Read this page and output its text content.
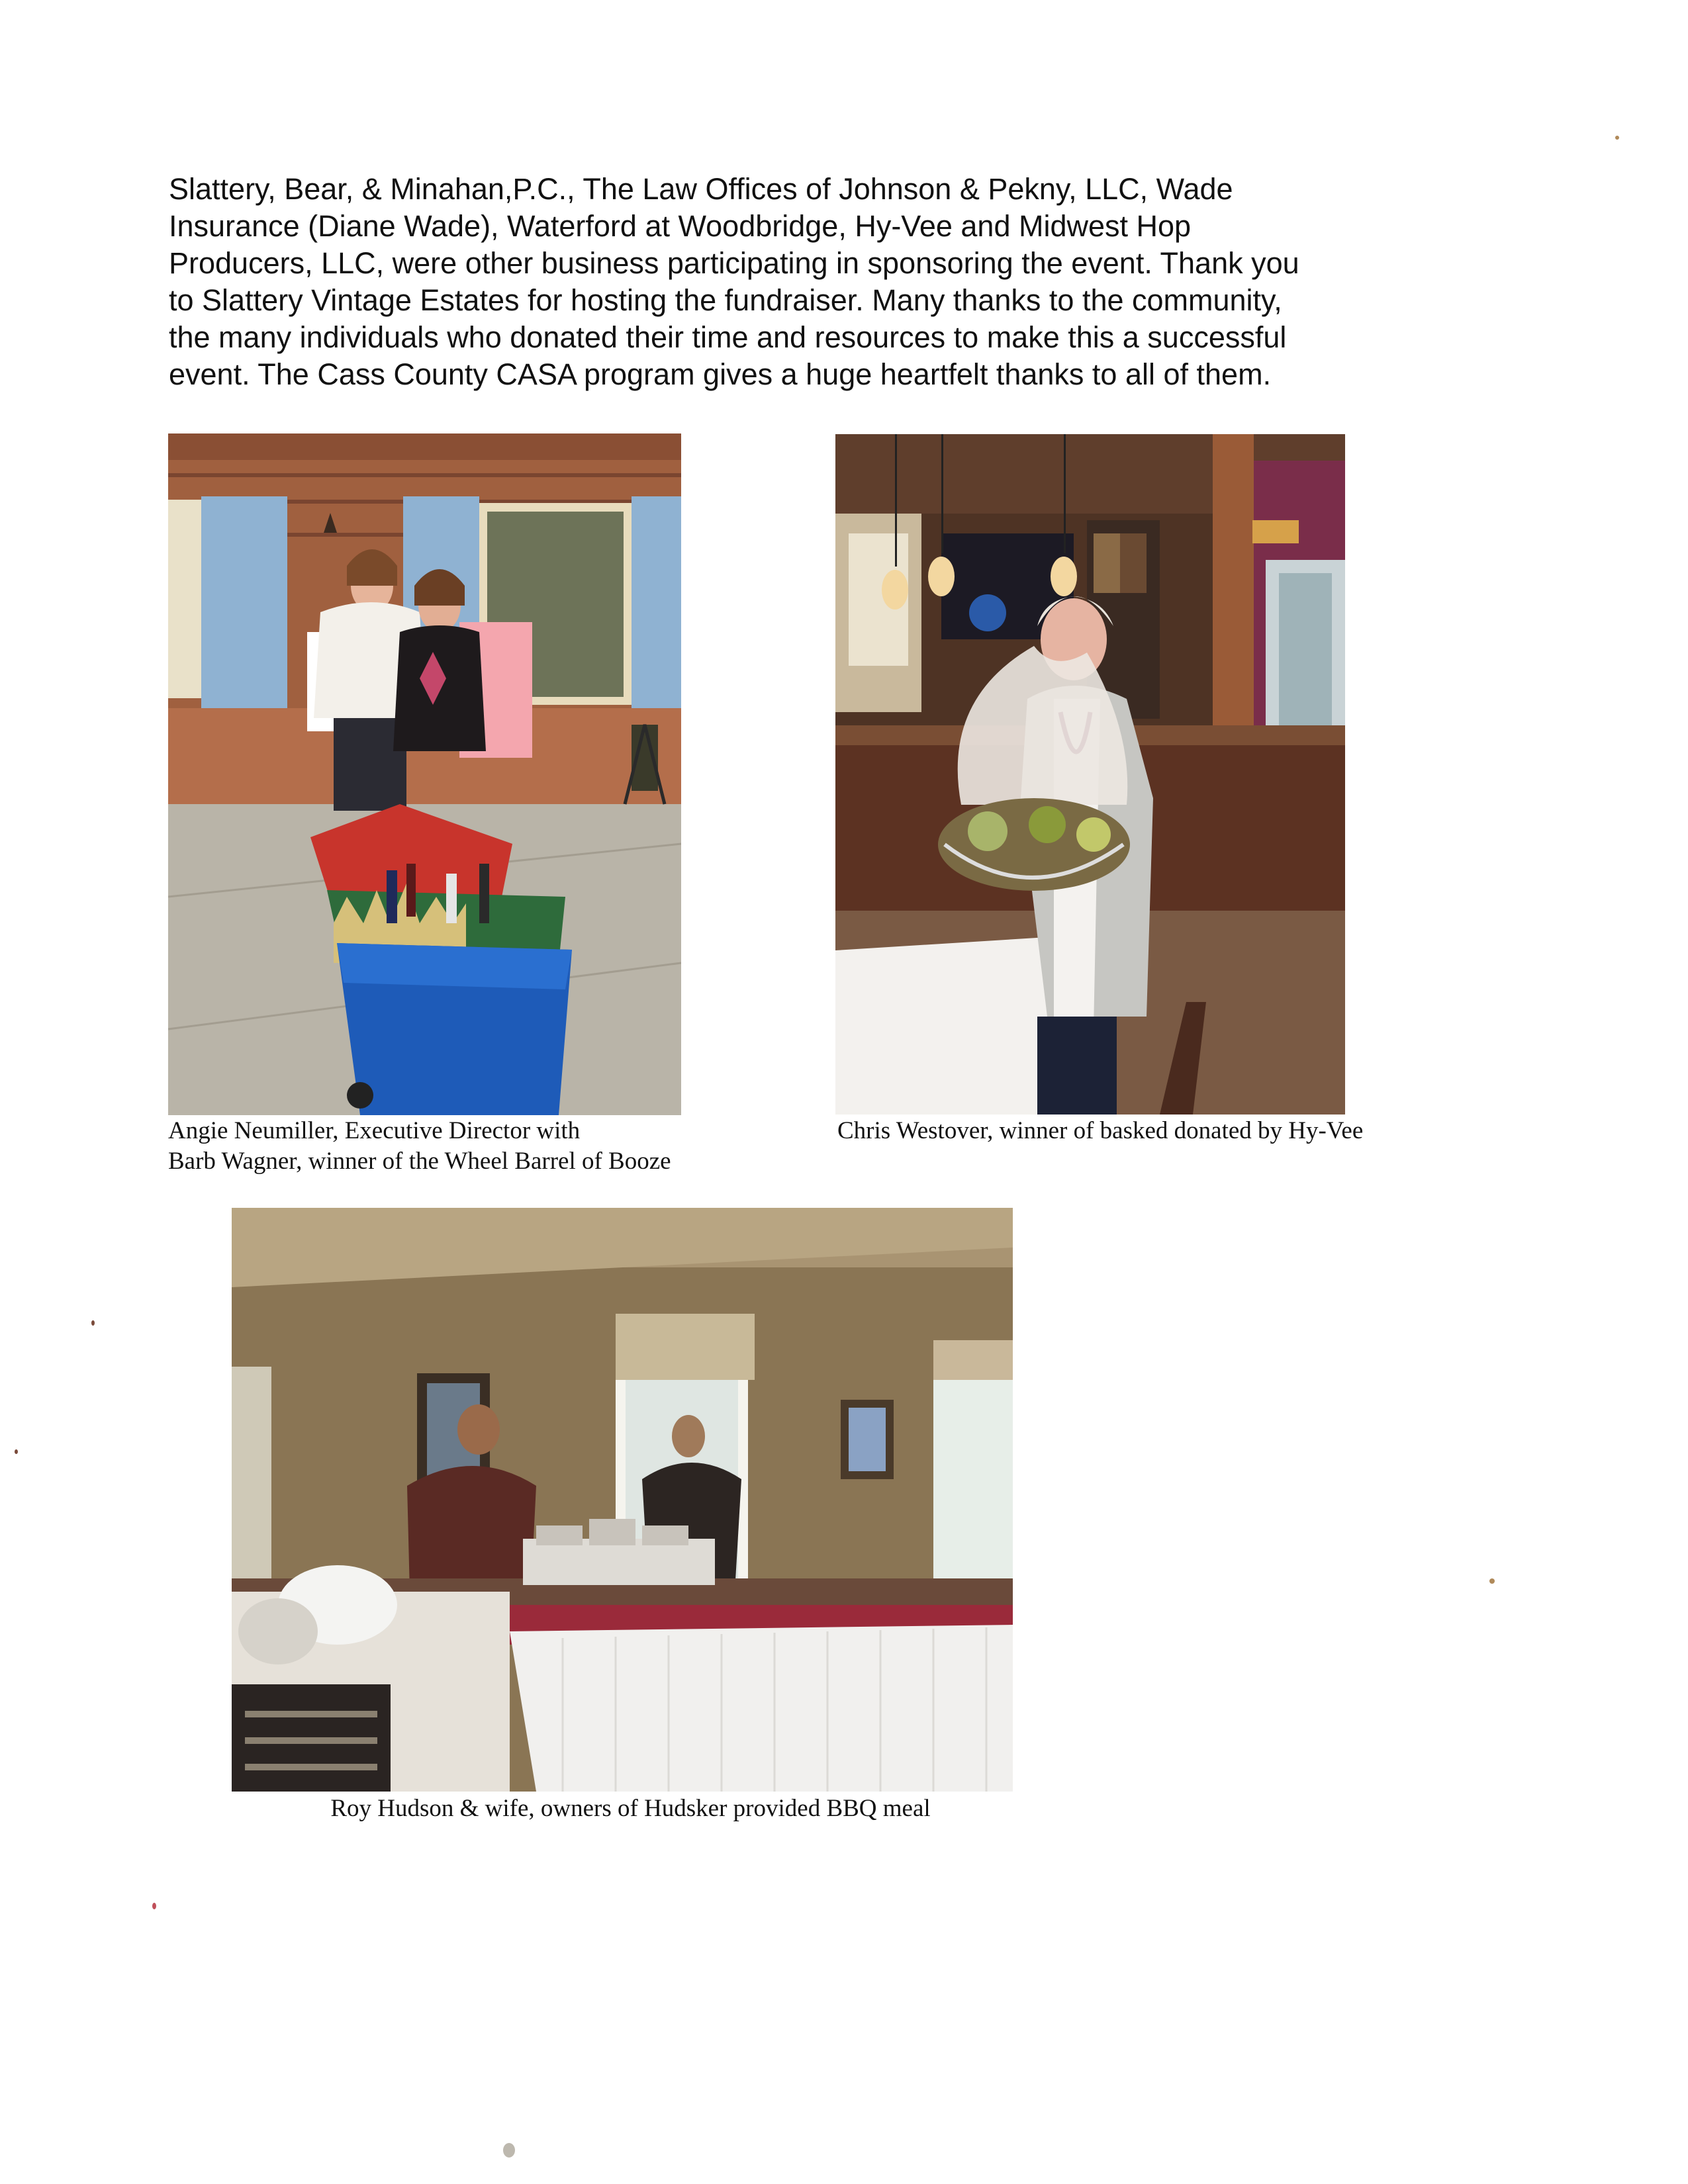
Slattery, Bear, & Minahan,P.C., The Law Offices of Johnson & Pekny, LLC, Wade
Insurance (Diane Wade), Waterford at Woodbridge, Hy-Vee and Midwest Hop
Producers, LLC, were other business participating in sponsoring the event. Thank you
to Slattery Vintage Estates for hosting the fundraiser. Many thanks to the community,
the many individuals who donated their time and resources to make this a successful
event. The Cass County CASA program gives a huge heartfelt thanks to all of them.
Angie Neumiller, Executive Director with
Barb Wagner, winner of the Wheel Barrel of Booze
Chris Westover, winner of basked donated by Hy-Vee
Roy Hudson & wife, owners of Hudsker provided BBQ meal
